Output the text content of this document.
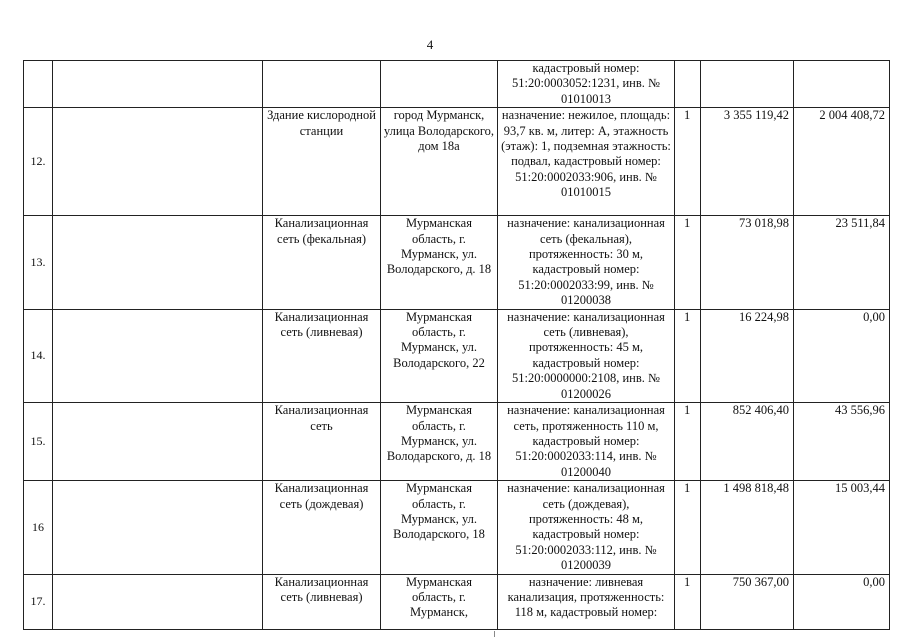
4
				кадастровый номер: 51:20:0003052:1231, инв. № 01010013			
12.		Здание кислородной станции	город Мурманск, улица Володарского, дом 18а	назначение: нежилое, площадь: 93,7 кв. м, литер: А, этажность (этаж): 1, подземная этажность: подвал, кадастровый номер: 51:20:0002033:906, инв. № 01010015	1	3 355 119,42	2 004 408,72
13.		Канализационная сеть (фекальная)	Мурманская область, г. Мурманск, ул. Володарского, д. 18	назначение: канализационная сеть (фекальная), протяженность: 30 м, кадастровый номер: 51:20:0002033:99, инв. № 01200038	1	73 018,98	23 511,84
14.		Канализационная сеть (ливневая)	Мурманская область, г. Мурманск, ул. Володарского, 22	назначение: канализационная сеть (ливневая), протяженность: 45 м, кадастровый номер: 51:20:0000000:2108, инв. № 01200026	1	16 224,98	0,00
15.		Канализационная сеть	Мурманская область, г. Мурманск, ул. Володарского, д. 18	назначение: канализационная сеть, протяженность 110 м, кадастровый номер: 51:20:0002033:114, инв. № 01200040	1	852 406,40	43 556,96
16		Канализационная сеть (дождевая)	Мурманская область, г. Мурманск, ул. Володарского, 18	назначение: канализационная сеть (дождевая), протяженность: 48 м, кадастровый номер: 51:20:0002033:112, инв. № 01200039	1	1 498 818,48	15 003,44
17.		Канализационная сеть (ливневая)	Мурманская область, г. Мурманск,	назначение: ливневая канализация, протяженность: 118 м, кадастровый номер:	1	750 367,00	0,00
